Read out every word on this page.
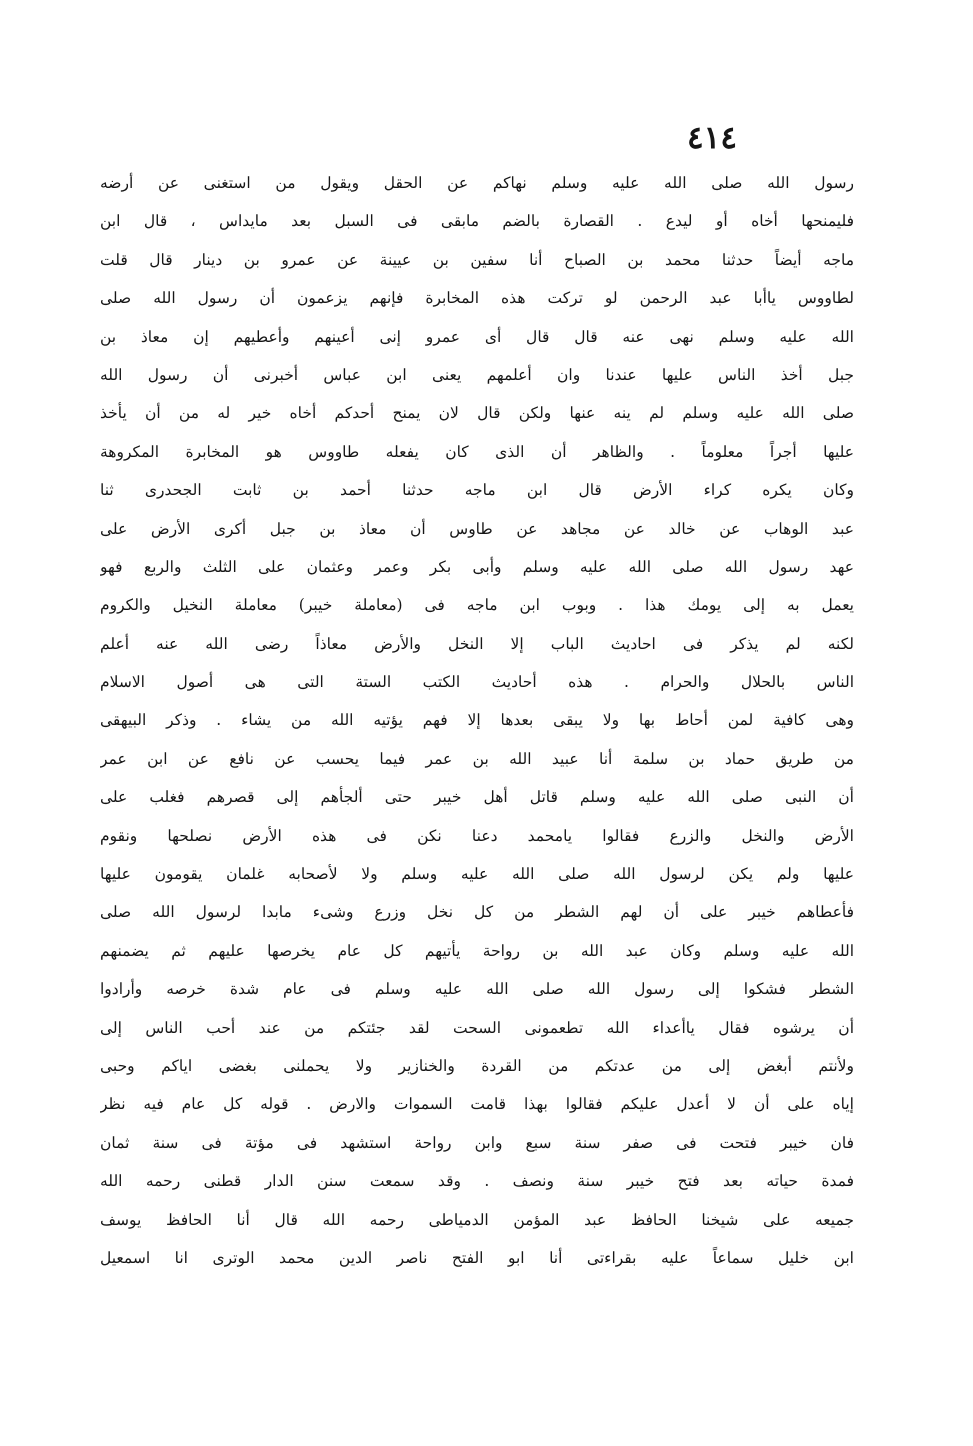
٤١٤
رسول الله صلى الله عليه وسلم نهاكم عن الحقل ويقول من استغنى عن أرضه
فليمنحها أخاه أو ليدع . القصارة بالضم مابقى فى السبل بعد مايداس ، قال ابن
ماجه أيضاً حدثنا محمد بن الصباح أنا سفين بن عيينة عن عمرو بن دينار قال قلت
لطاووس ياأبا عبد الرحمن لو تركت هذه المخابرة فإنهم يزعمون أن رسول الله صلى
الله عليه وسلم نهى عنه قال قال أى عمرو إنى أعينهم وأعطيهم إن معاذ بن
جبل أخذ الناس عليها عندنا وان أعلمهم يعنى ابن عباس أخبرنى أن رسول الله
صلى الله عليه وسلم لم ينه عنها ولكن قال لان يمنح أحدكم أخاه خير له من أن يأخذ
عليها أجراً معلوماً . والظاهر أن الذى كان يفعله طاووس هو المخابرة المكروهة
وكان يكره كراء الأرض قال ابن ماجه حدثنا أحمد بن ثابت الجحدرى ثنا
عبد الوهاب عن خالد عن مجاهد عن طاوس أن معاذ بن جبل أكرى الأرض على
عهد رسول الله صلى الله عليه وسلم وأبى بكر وعمر وعثمان على الثلث والربع فهو
يعمل به إلى يومك هذا . وبوب ابن ماجه فى (معاملة خيبر) معاملة النخيل والكروم
لكنه لم يذكر فى احاديث الباب إلا النخل والأرض معاذاً رضى الله عنه أعلم
الناس بالحلال والحرام . هذه أحاديث الكتب الستة التى هى أصول الاسلام
وهى كافية لمن أحاط بها ولا يبقى بعدها إلا فهم يؤتيه الله من يشاء . وذكر البيهقى
من طريق حماد بن سلمة أنا عبيد الله بن عمر فيما يحسب عن نافع عن ابن عمر
أن النبى صلى الله عليه وسلم قاتل أهل خيبر حتى ألجأهم إلى قصرهم فغلب على
الأرض والنخل والزرع فقالوا يامحمد دعنا نكن فى هذه الأرض نصلحها ونقوم
عليها ولم يكن لرسول الله صلى الله عليه وسلم ولا لأصحابه غلمان يقومون عليها
فأعطاهم خيبر على أن لهم الشطر من كل نخل وزرع وشىء مابدا لرسول الله صلى
الله عليه وسلم وكان عبد الله بن رواحة يأتيهم كل عام يخرصها عليهم ثم يضمنهم
الشطر فشكوا إلى رسول الله صلى الله عليه وسلم فى عام شدة خرصه وأرادوا
أن يرشوه فقال ياأعداء الله تطعمونى السحت لقد جئتكم من عند أحب الناس إلى
ولأنتم أبغض إلى من عدتكم من القردة والخنازير ولا يحملنى بغضى اياكم وحبى
إياه على أن لا أعدل عليكم فقالوا بهذا قامت السموات والارض . قوله كل عام فيه نظر
فان خيبر فتحت فى صفر سنة سبع وابن رواحة استشهد فى مؤتة فى سنة ثمان
فمدة حياته بعد فتح خيبر سنة ونصف . وقد سمعت سنن الدار قطنى رحمه الله
جميعه على شيخنا الحافظ عبد المؤمن الدمياطى رحمه الله قال أنا الحافظ يوسف
ابن خليل سماعاً عليه بقراءتى أنا ابو الفتح ناصر الدين محمد الوترى انا اسمعيل
